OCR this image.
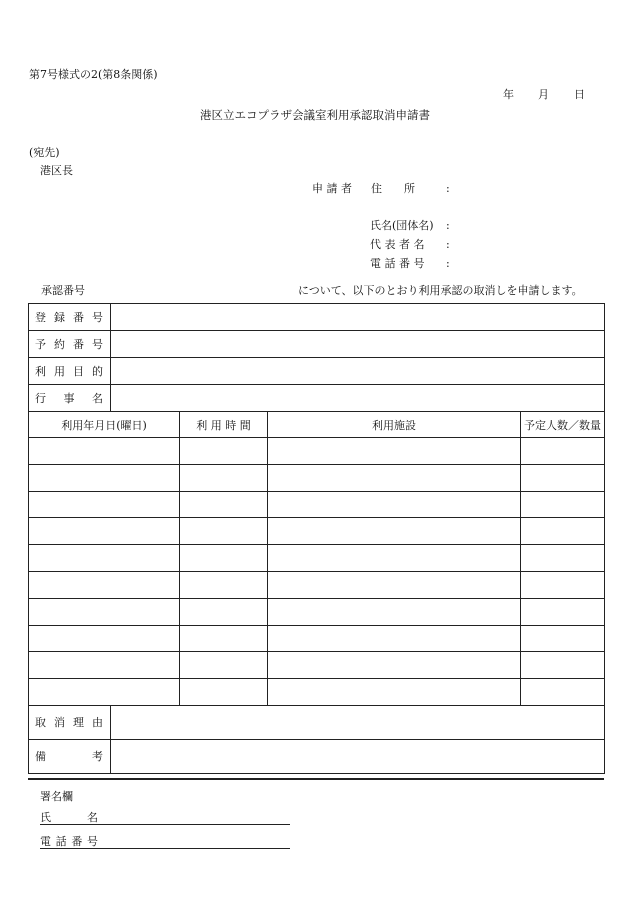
第7号様式の2(第8条関係)
年 月 日
港区立エコプラザ会議室利用承認取消申請書
(宛先)
港区長
申 請 者 住　　所	:
氏名(団体名) :
代 表 者 名 :
電 話 番 号 :
承認番号	について、以下のとおり利用承認の取消しを申請します。
登 録 番 号				

予 約 番 号				

利 用 目 的				

行 事 名				

利用年月日(曜日)		利 用 時 間	利用施設	予定人数／数量

取 消 理 由				

備 考				

署名欄
氏	名
電 話 番 号
